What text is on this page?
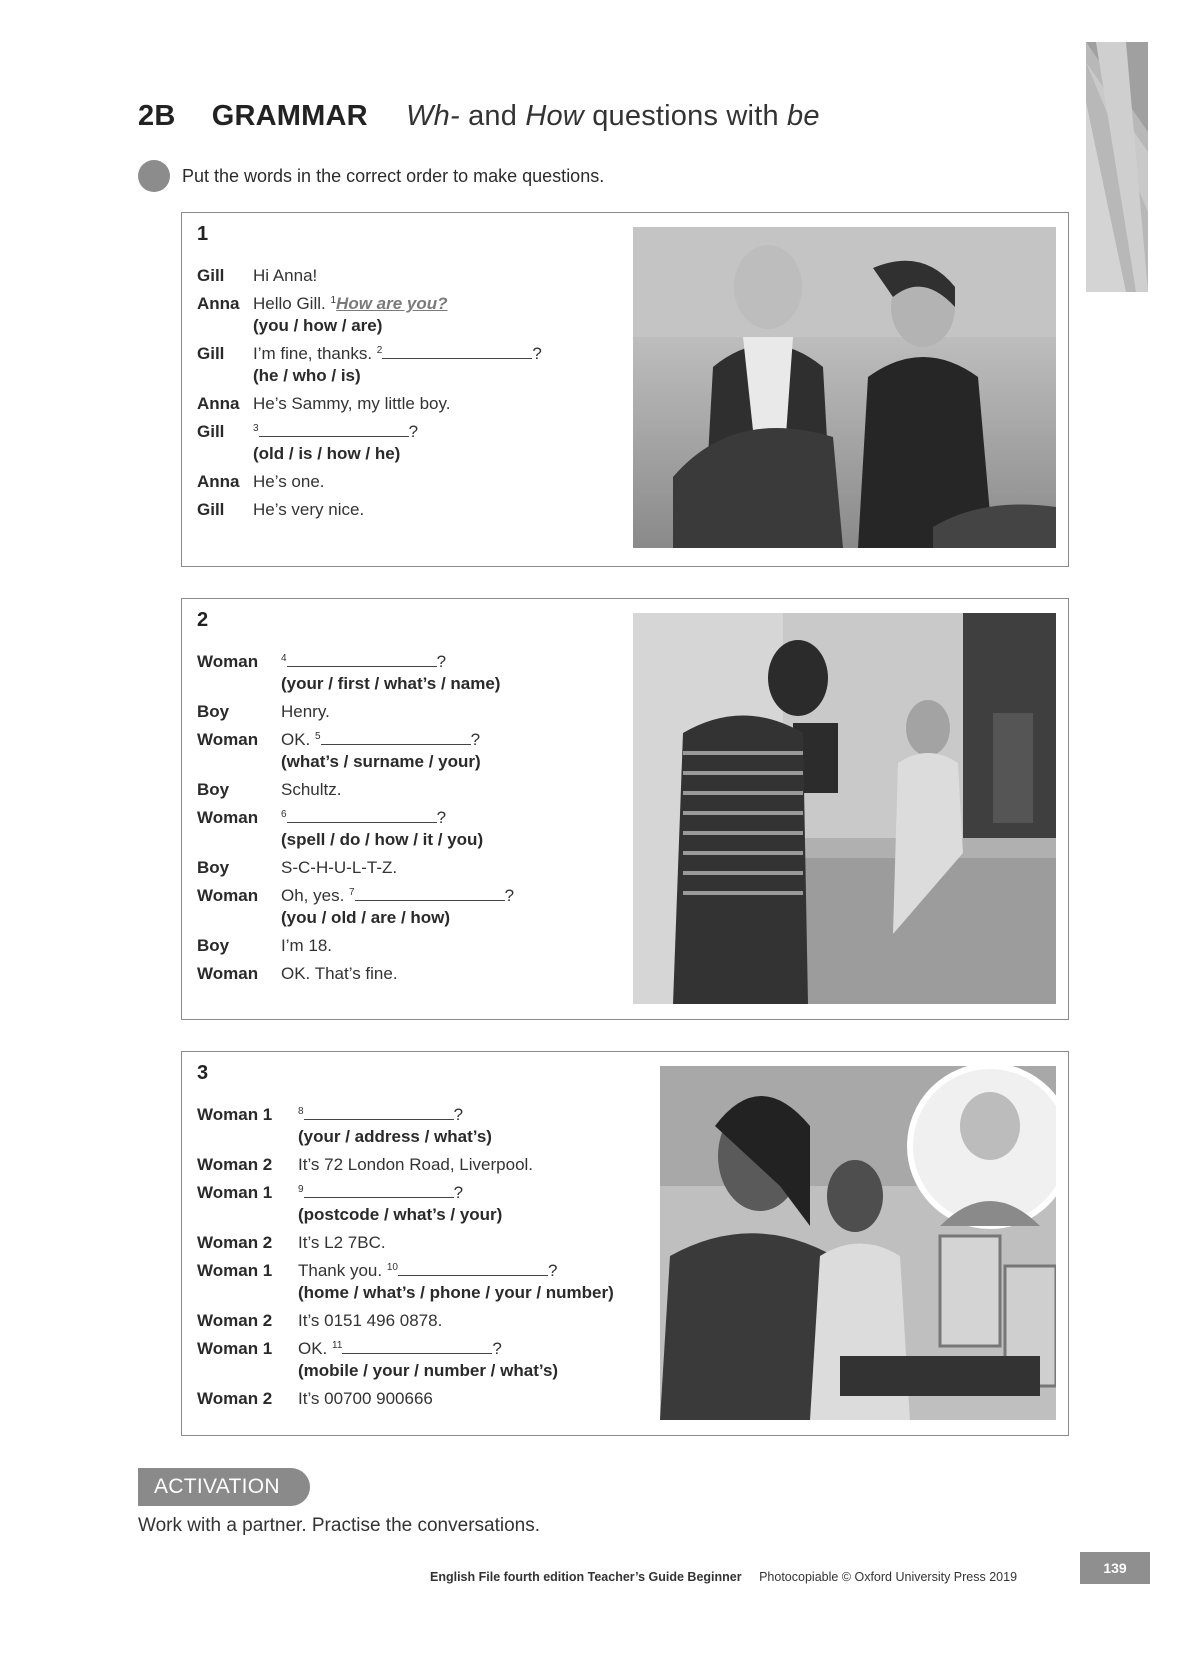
2B GRAMMAR Wh- and How questions with be
Put the words in the correct order to make questions.
1
Gill	Hi Anna!
Anna Hello Gill. $^1$How are you?
(you / how / are)
Gill	I’m fine, thanks. $^2$	?
(he / who / is)
Anna He’s Sammy, my little boy.
Gill	$^3$	?
(old / is / how / he)
Anna He’s one.
Gill	He’s very nice.
2
Woman	$^4$	?
(your / first / what’s / name)
Boy	Henry.
Woman	OK. $^5$	?
(what’s / surname / your)
Boy	Schultz.
Woman	$^6$	?
(spell / do / how / it / you)
Boy	S-C-H-U-L-T-Z.
Woman	Oh, yes. $^7$	?
(you / old / are / how)
Boy	I’m 18.
Woman	OK. That’s fine.
3
Woman 1	$^8$	?
(your / address / what’s)
Woman 2	It’s 72 London Road, Liverpool.
Woman 1	$^9$	?
(postcode / what’s / your)
Woman 2	It’s L2 7BC.
Woman 1	Thank you. $^{10}$	?
(home / what’s / phone / your / number)
Woman 2	It’s 0151 496 0878.
Woman 1	OK. $^{11}$	?
(mobile / your / number / what’s)
Woman 2	It’s 00700 900666
ACTIVATION
Work with a partner. Practise the conversations.
English File fourth edition Teacher’s Guide Beginner Photocopiable © Oxford University Press 2019
139
